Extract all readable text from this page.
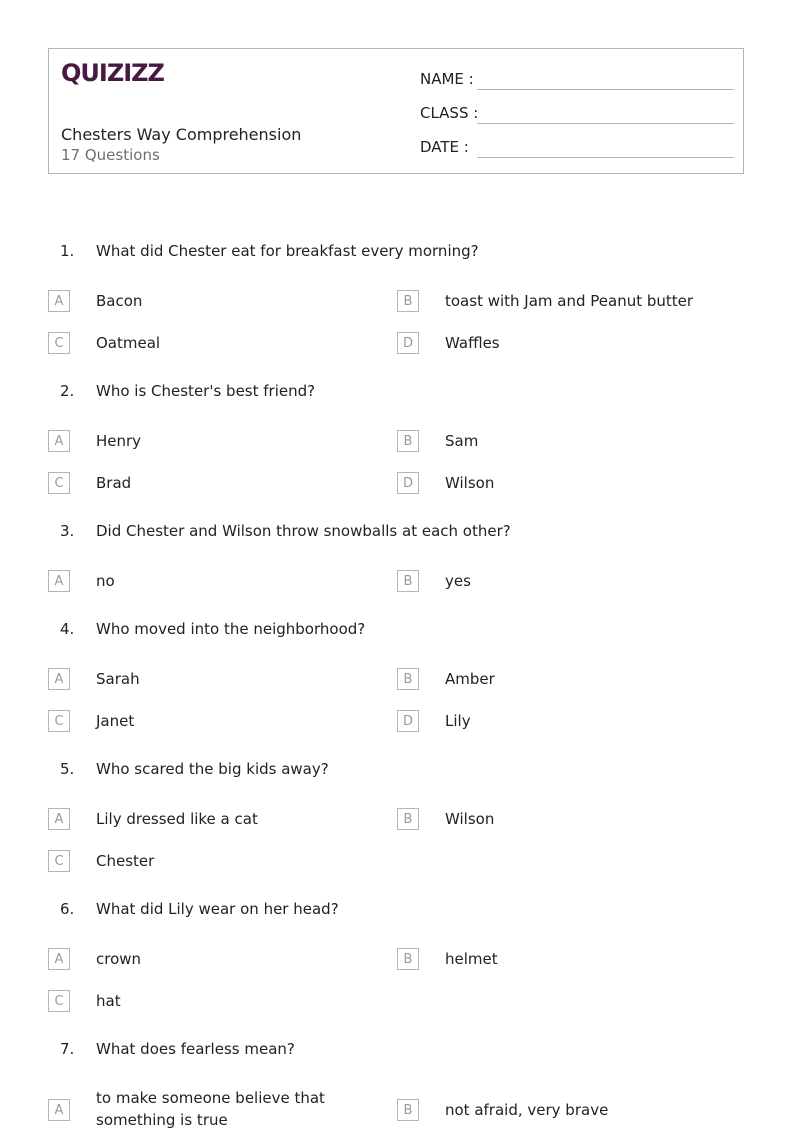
QUIZIZZ
Chesters Way Comprehension
17 Questions
NAME :
CLASS :
DATE :
1. What did Chester eat for breakfast every morning?
A	Bacon	B	toast with Jam and Peanut butter
C	Oatmeal	D	Waffles
2. Who is Chester's best friend?
A	Henry	B	Sam
C	Brad	D	Wilson
3. Did Chester and Wilson throw snowballs at each other?
A	no	B	yes
4. Who moved into the neighborhood?
A	Sarah	B	Amber
C	Janet	D	Lily
5. Who scared the big kids away?
A	Lily dressed like a cat	B	Wilson
C	Chester
6. What did Lily wear on her head?
A	crown	B	helmet
C	hat
7. What does fearless mean?
A
to make someone believe that something is true
B	not afraid, very brave
